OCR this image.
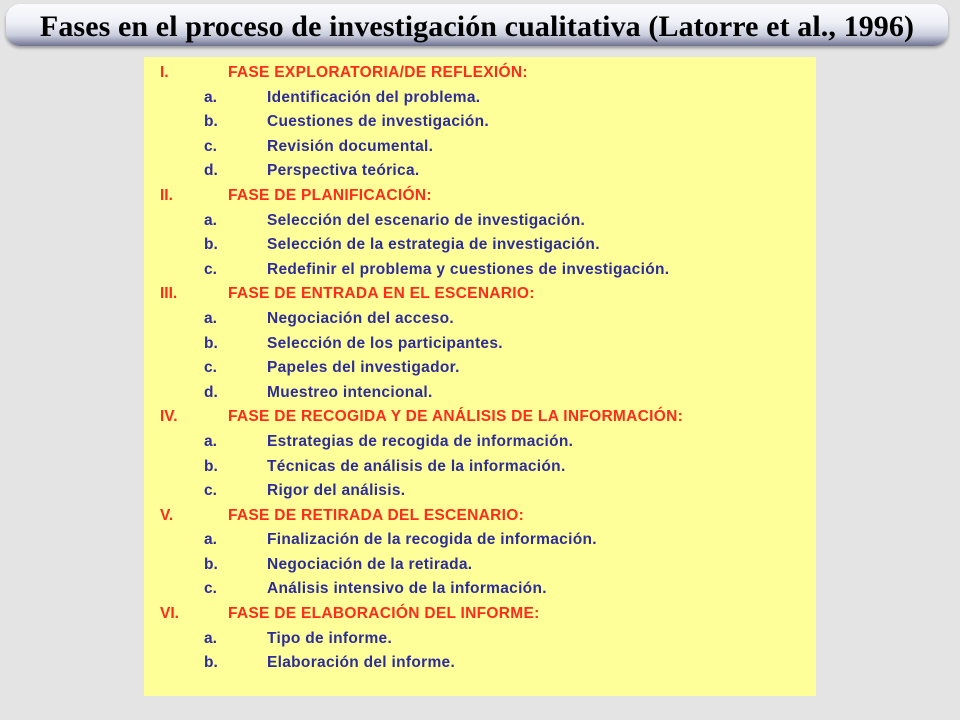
Fases en el proceso de investigación cualitativa (Latorre et al., 1996)
I.	FASE EXPLORATORIA/DE REFLEXIÓN:
a.	Identificación del problema.
b.	Cuestiones de investigación.
c.	Revisión documental.
d.	Perspectiva teórica.
II.	FASE DE PLANIFICACIÓN:
a.	Selección del escenario de investigación.
b.	Selección de la estrategia de investigación.
c.	Redefinir el problema y cuestiones de investigación.
III.	FASE DE ENTRADA EN EL ESCENARIO:
a.	Negociación del acceso.
b.	Selección de los participantes.
c.	Papeles del investigador.
d.	Muestreo intencional.
IV.	FASE DE RECOGIDA Y DE ANÁLISIS DE LA INFORMACIÓN:
a.	Estrategias de recogida de información.
b.	Técnicas de análisis de la información.
c.	Rigor del análisis.
V.	FASE DE RETIRADA DEL ESCENARIO:
a.	Finalización de la recogida de información.
b.	Negociación de la retirada.
c.	Análisis intensivo de la información.
VI.	FASE DE ELABORACIÓN DEL INFORME:
a.	Tipo de informe.
b.	Elaboración del informe.
